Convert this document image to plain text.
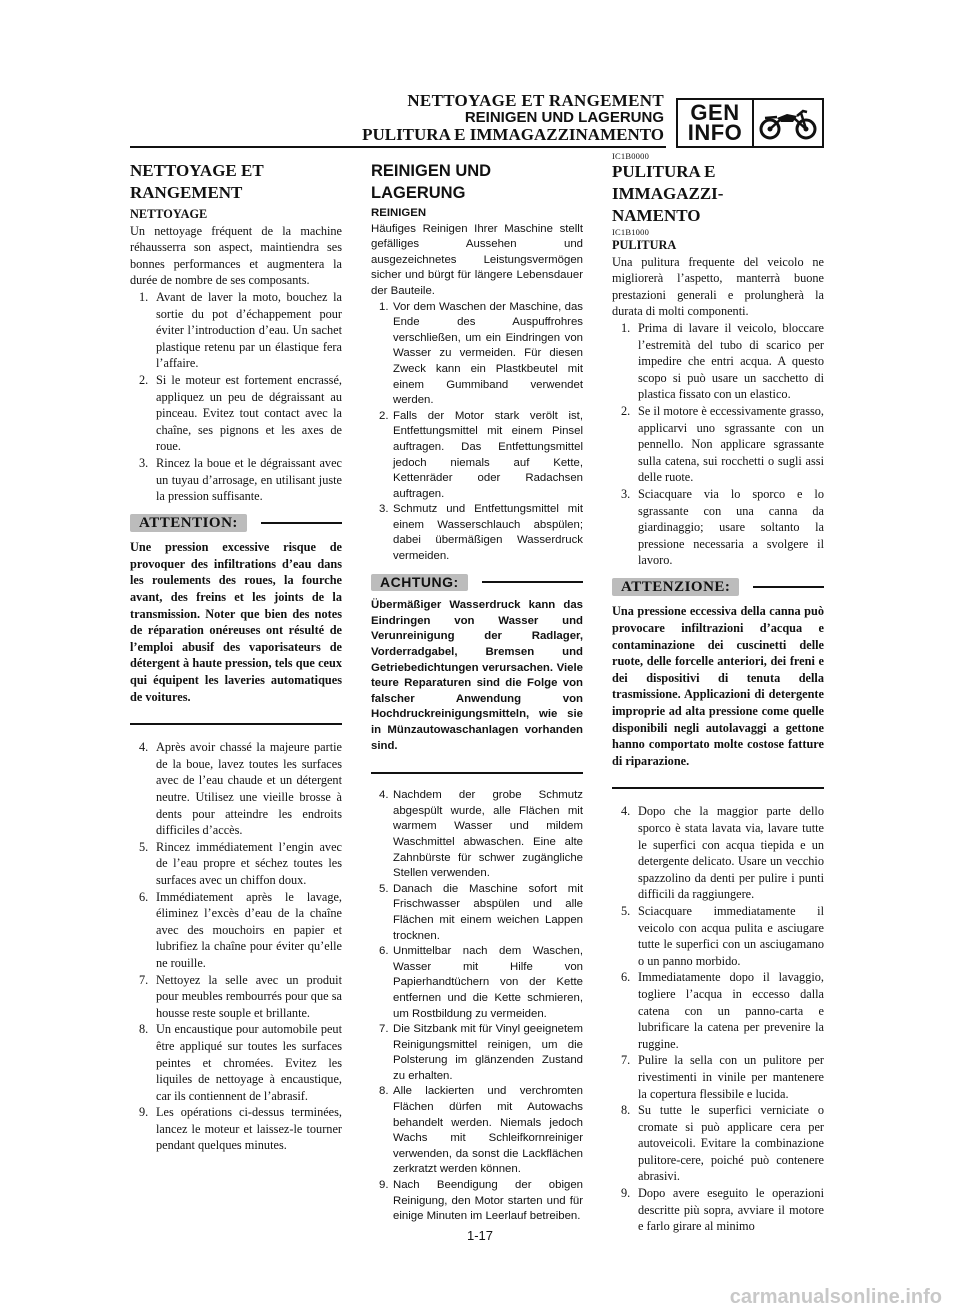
NETTOYAGE ET RANGEMENT
REINIGEN UND LAGERUNG
PULITURA E IMMAGAZZINAMENTO
GEN
INFO
NETTOYAGE ET
RANGEMENT
NETTOYAGE

Un nettoyage fréquent de la machine réhausserra son aspect, maintiendra ses bonnes performances et augmentera la durée de nombre de ses composants.

1. Avant de laver la moto, bouchez la sortie du pot d’échappement pour éviter l’introduction d’eau. Un sachet plastique retenu par un élastique fera l’affaire.
2. Si le moteur est fortement encrassé, appliquez un peu de dégraissant au pinceau. Evitez tout contact avec la chaîne, ses pignons et les axes de roue.
3. Rincez la boue et le dégraissant avec un tuyau d’arrosage, en utilisant juste la pression suffisante.
ATTENTION:

Une pression excessive risque de provoquer des infiltrations d’eau dans les roulements des roues, la fourche avant, des freins et les joints de la transmission. Noter que bien des notes de réparation onéreuses ont résulté de l’emploi abusif des vaporisateurs de détergent à haute pression, tels que ceux qui équipent les laveries automatiques de voitures.

4. Après avoir chassé la majeure partie de la boue, lavez toutes les surfaces avec de l’eau chaude et un détergent neutre. Utilisez une vieille brosse à dents pour atteindre les endroits difficiles d’accès.
5. Rincez immédiatement l’engin avec de l’eau propre et séchez toutes les surfaces avec un chiffon doux.
6. Immédiatement après le lavage, éliminez l’excès d’eau de la chaîne avec des mouchoirs en papier et lubrifiez la chaîne pour éviter qu’elle ne rouille.
7. Nettoyez la selle avec un produit pour meubles rembourrés pour que sa housse reste souple et brillante.
8. Un encaustique pour automobile peut être appliqué sur toutes les surfaces peintes et chromées. Evitez les liquiles de nettoyage à encaustique, car ils contiennent de l’abrasif.
9. Les opérations ci-dessus terminées, lancez le moteur et laissez-le tourner pendant quelques minutes.
REINIGEN UND
LAGERUNG
REINIGEN

Häufiges Reinigen Ihrer Maschine stellt gefälliges Aussehen und ausgezeichnetes Leistungsvermögen sicher und bürgt für längere Lebensdauer der Bauteile.

1. Vor dem Waschen der Maschine, das Ende des Auspuffrohres verschließen, um ein Eindringen von Wasser zu vermeiden. Für diesen Zweck kann ein Plastkbeutel mit einem Gummiband verwendet werden.
2. Falls der Motor stark verölt ist, Entfettungsmittel mit einem Pinsel auftragen. Das Entfettungsmittel jedoch niemals auf Kette, Kettenräder oder Radachsen auftragen.
3. Schmutz und Entfettungsmittel mit einem Wasserschlauch abspülen; dabei übermäßigen Wasserdruck vermeiden.
ACHTUNG:

Übermäßiger Wasserdruck kann das Eindringen von Wasser und Verunreinigung der Radlager, Vorderradgabel, Bremsen und Getriebedichtungen verursachen. Viele teure Reparaturen sind die Folge von falscher Anwendung von Hochdruckreinigungsmitteln, wie sie in Münzautowaschanlagen vorhanden sind.

4. Nachdem der grobe Schmutz abgespült wurde, alle Flächen mit warmem Wasser und mildem Waschmittel abwaschen. Eine alte Zahnbürste für schwer zugängliche Stellen verwenden.
5. Danach die Maschine sofort mit Frischwasser abspülen und alle Flächen mit einem weichen Lappen trocknen.
6. Unmittelbar nach dem Waschen, Wasser mit Hilfe von Papierhandtüchern von der Kette entfernen und die Kette schmieren, um Rostbildung zu vermeiden.
7. Die Sitzbank mit für Vinyl geeignetem Reinigungsmittel reinigen, um die Polsterung im glänzenden Zustand zu erhalten.
8. Alle lackierten und verchromten Flächen dürfen mit Autowachs behandelt werden. Niemals jedoch Wachs mit Schleifkornreiniger verwenden, da sonst die Lackflächen zerkratzt werden können.
9. Nach Beendigung der obigen Reinigung, den Motor starten und für einige Minuten im Leerlauf betreiben.
IC1B0000
PULITURA E IMMAGAZZI-
NAMENTO
IC1B1000
PULITURA

Una pulitura frequente del veicolo ne migliorerà l’aspetto, manterrà buone prestazioni generali e prolungherà la durata di molti componenti.

1. Prima di lavare il veicolo, bloccare l’estremità del tubo di scarico per impedire che entri acqua. A questo scopo si può usare un sacchetto di plastica fissato con un elastico.
2. Se il motore è eccessivamente grasso, applicarvi uno sgrassante con un pennello. Non applicare sgrassante sulla catena, sui rocchetti o sugli assi delle ruote.
3. Sciacquare via lo sporco e lo sgrassante con una canna da giardinaggio; usare soltanto la pressione necessaria a svolgere il lavoro.
ATTENZIONE:

Una pressione eccessiva della canna può provocare infiltrazioni d’acqua e contaminazione dei cuscinetti delle ruote, delle forcelle anteriori, dei freni e dei dispositivi di tenuta della trasmissione. Applicazioni di detergente improprie ad alta pressione come quelle disponibili negli autolavaggi a gettone hanno comportato molte costose fatture di riparazione.

4. Dopo che la maggior parte dello sporco è stata lavata via, lavare tutte le superfici con acqua tiepida e un detergente delicato. Usare un vecchio spazzolino da denti per pulire i punti difficili da raggiungere.
5. Sciacquare immediatamente il veicolo con acqua pulita e asciugare tutte le superfici con un asciugamano o un panno morbido.
6. Immediatamente dopo il lavaggio, togliere l’acqua in eccesso dalla catena con un panno-carta e lubrificare la catena per prevenire la ruggine.
7. Pulire la sella con un pulitore per rivestimenti in vinile per mantenere la copertura flessibile e lucida.
8. Su tutte le superfici verniciate o cromate si può applicare cera per autoveicoli. Evitare la combinazione pulitore-cere, poiché può contenere abrasivi.
9. Dopo avere eseguito le operazioni descritte più sopra, avviare il motore e farlo girare al minimo
1-17
carmanualsonline.info
